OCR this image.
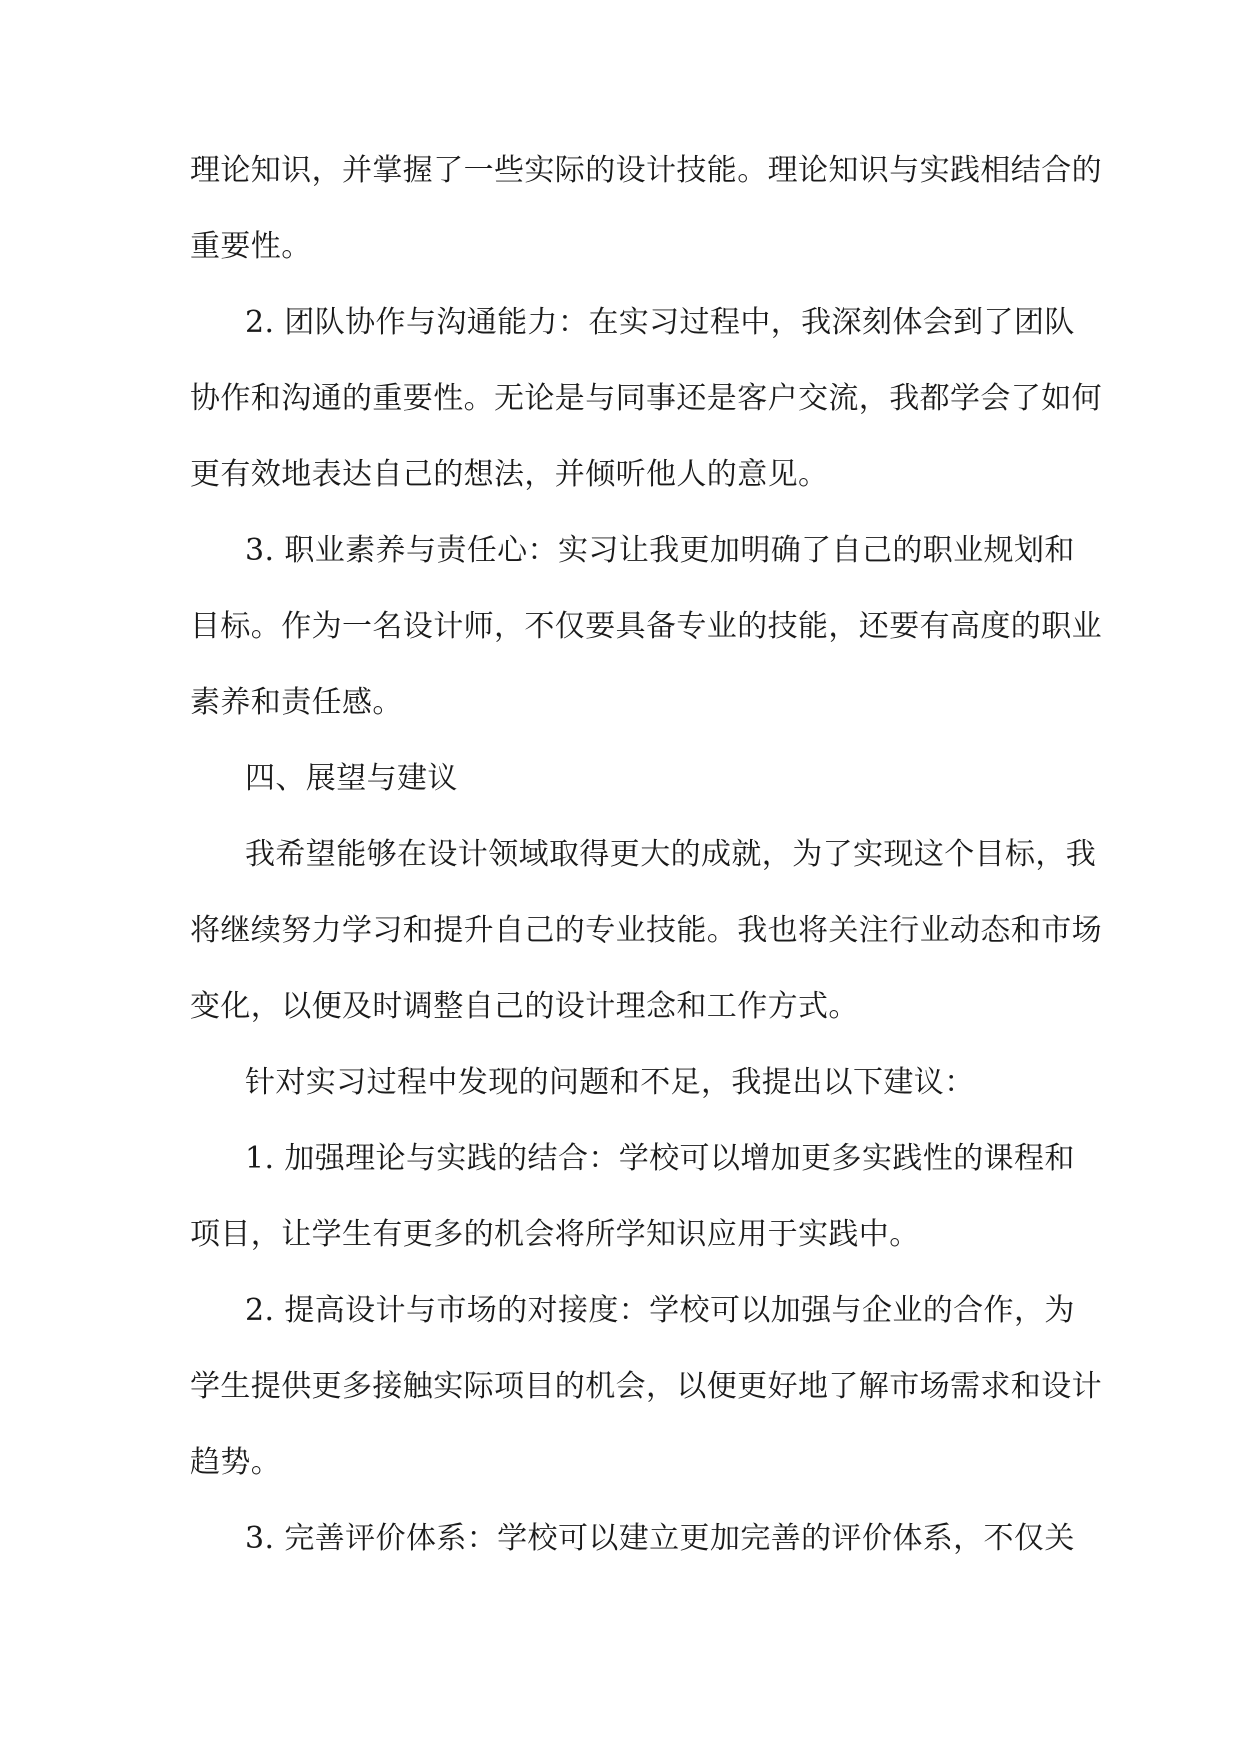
理论知识，并掌握了一些实际的设计技能。理论知识与实践相结合的
重要性。
2. 团队协作与沟通能力：在实习过程中，我深刻体会到了团队
协作和沟通的重要性。无论是与同事还是客户交流，我都学会了如何
更有效地表达自己的想法，并倾听他人的意见。
3. 职业素养与责任心：实习让我更加明确了自己的职业规划和
目标。作为一名设计师，不仅要具备专业的技能，还要有高度的职业
素养和责任感。
四、展望与建议
我希望能够在设计领域取得更大的成就，为了实现这个目标，我
将继续努力学习和提升自己的专业技能。我也将关注行业动态和市场
变化，以便及时调整自己的设计理念和工作方式。
针对实习过程中发现的问题和不足，我提出以下建议：
1. 加强理论与实践的结合：学校可以增加更多实践性的课程和
项目，让学生有更多的机会将所学知识应用于实践中。
2. 提高设计与市场的对接度：学校可以加强与企业的合作，为
学生提供更多接触实际项目的机会，以便更好地了解市场需求和设计
趋势。
3. 完善评价体系：学校可以建立更加完善的评价体系，不仅关
